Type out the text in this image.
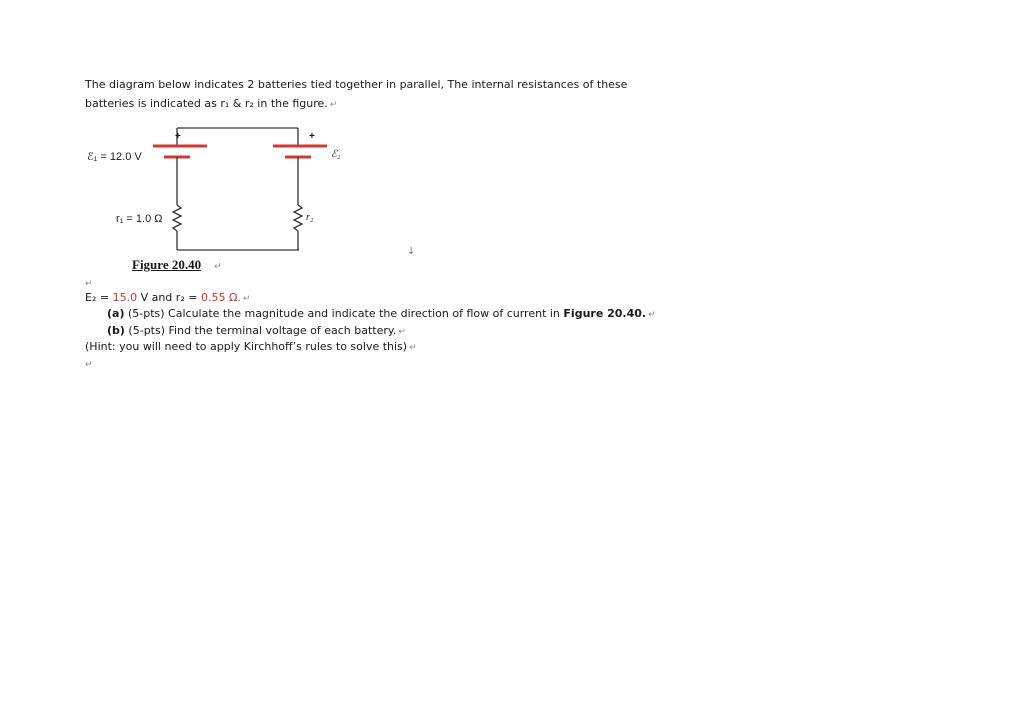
The diagram below indicates 2 batteries tied together in parallel, The internal resistances of these
batteries is indicated as r₁ & r₂ in the figure. ↵
+	+
ℰ₁ = 12.0 V	ℰ₂
r₁ = 1.0 Ω	r₂
Figure 20.40 ↵
↓
↵
E₂ = 15.0 V and r₂ = 0.55 Ω. ↵
(a) (5-pts) Calculate the magnitude and indicate the direction of flow of current in Figure 20.40. ↵
(b) (5-pts) Find the terminal voltage of each battery. ↵
(Hint: you will need to apply Kirchhoff’s rules to solve this) ↵
↵
